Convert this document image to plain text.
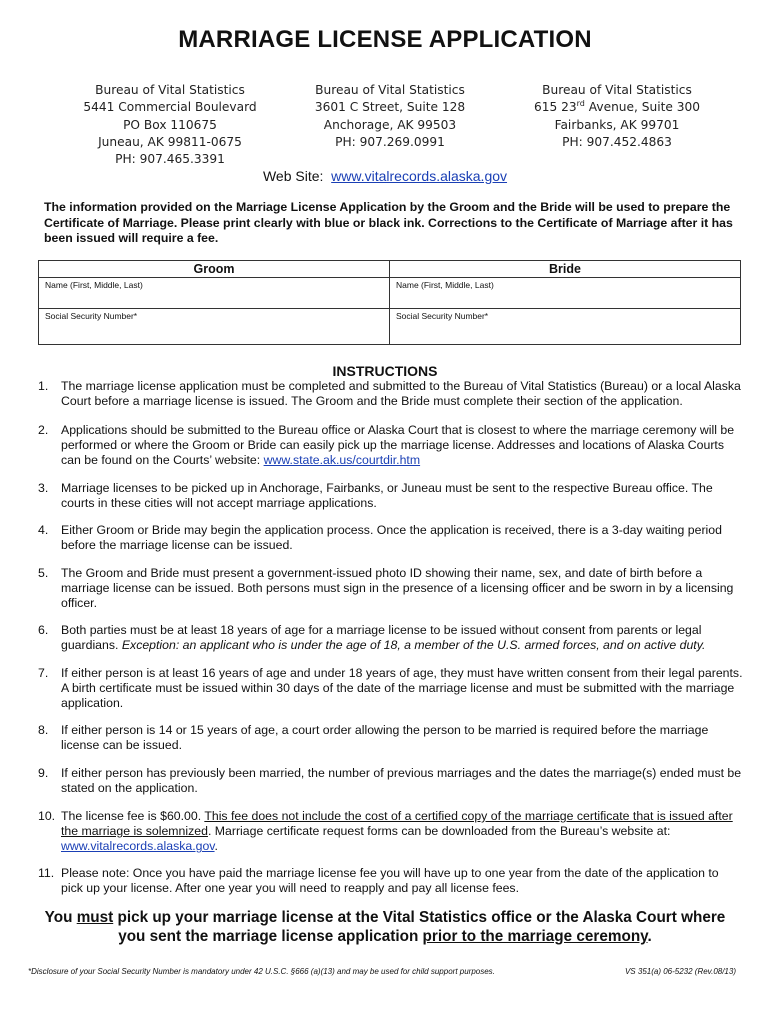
MARRIAGE LICENSE APPLICATION
Bureau of Vital Statistics
5441 Commercial Boulevard
PO Box 110675
Juneau, AK 99811-0675
PH: 907.465.3391
Bureau of Vital Statistics
3601 C Street, Suite 128
Anchorage, AK 99503
PH: 907.269.0991
Bureau of Vital Statistics
615 23rd Avenue, Suite 300
Fairbanks, AK 99701
PH: 907.452.4863
Web Site: www.vitalrecords.alaska.gov
The information provided on the Marriage License Application by the Groom and the Bride will be used to prepare the Certificate of Marriage. Please print clearly with blue or black ink. Corrections to the Certificate of Marriage after it has been issued will require a fee.
Groom	Bride

Name (First, Middle, Last)	Name (First, Middle, Last)

Social Security Number*	Social Security Number*
INSTRUCTIONS
1.	The marriage license application must be completed and submitted to the Bureau of Vital Statistics (Bureau) or a local Alaska Court before a marriage license is issued. The Groom and the Bride must complete their section of the application.
2.	Applications should be submitted to the Bureau office or Alaska Court that is closest to where the marriage ceremony will be performed or where the Groom or Bride can easily pick up the marriage license. Addresses and locations of Alaska Courts can be found on the Courts’ website: www.state.ak.us/courtdir.htm
3.	Marriage licenses to be picked up in Anchorage, Fairbanks, or Juneau must be sent to the respective Bureau office. The courts in these cities will not accept marriage applications.
4.	Either Groom or Bride may begin the application process. Once the application is received, there is a 3-day waiting period before the marriage license can be issued.
5.	The Groom and Bride must present a government-issued photo ID showing their name, sex, and date of birth before a marriage license can be issued. Both persons must sign in the presence of a licensing officer and be sworn in by a licensing officer.
6.	Both parties must be at least 18 years of age for a marriage license to be issued without consent from parents or legal guardians. Exception: an applicant who is under the age of 18, a member of the U.S. armed forces, and on active duty.
7.	If either person is at least 16 years of age and under 18 years of age, they must have written consent from their legal parents. A birth certificate must be issued within 30 days of the date of the marriage license and must be submitted with the marriage application.
8.	If either person is 14 or 15 years of age, a court order allowing the person to be married is required before the marriage license can be issued.
9.	If either person has previously been married, the number of previous marriages and the dates the marriage(s) ended must be stated on the application.
10. The license fee is $60.00. This fee does not include the cost of a certified copy of the marriage certificate that is issued after the marriage is solemnized. Marriage certificate request forms can be downloaded from the Bureau’s website at: www.vitalrecords.alaska.gov.
11. Please note: Once you have paid the marriage license fee you will have up to one year from the date of the application to pick up your license. After one year you will need to reapply and pay all license fees.
You must pick up your marriage license at the Vital Statistics office or the Alaska Court where you sent the marriage license application prior to the marriage ceremony.
*Disclosure of your Social Security Number is mandatory under 42 U.S.C. §666 (a)(13) and may be used for child support purposes.	VS 351(a) 06-5232 (Rev.08/13)
